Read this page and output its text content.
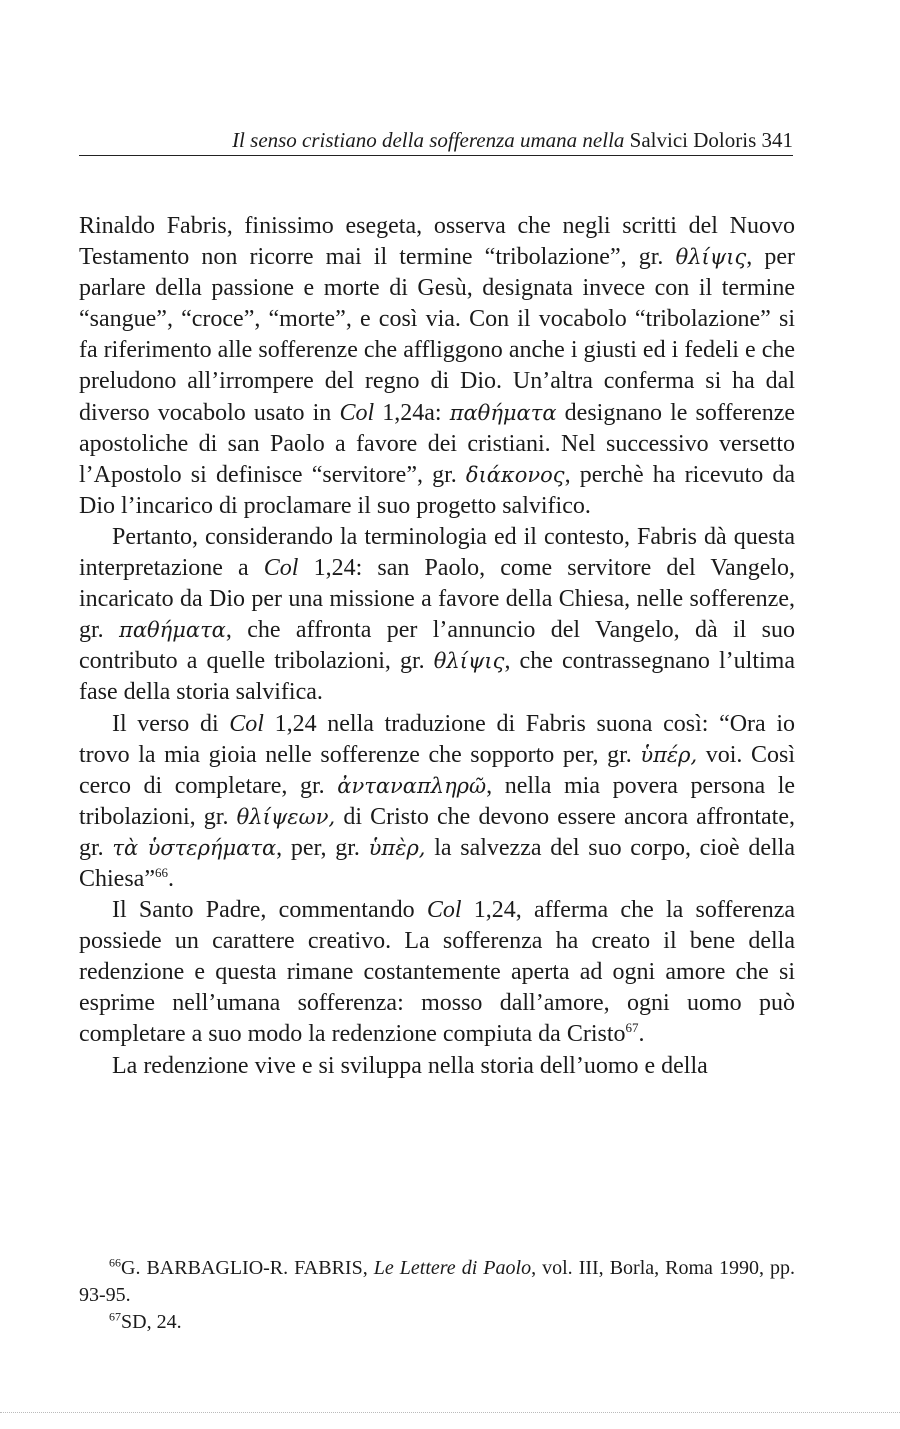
Il senso cristiano della sofferenza umana nella Salvici Doloris 341

Rinaldo Fabris, finissimo esegeta, osserva che negli scritti del Nuovo Testamento non ricorre mai il termine “tribolazione”, gr. θλίψις, per parlare della passione e morte di Gesù, designata invece con il termine “sangue”, “croce”, “morte”, e così via. Con il vocabolo “tribolazione” si fa riferimento alle sofferenze che affliggono anche i giusti ed i fedeli e che preludono all’irrompere del regno di Dio. Un’altra conferma si ha dal diverso vocabolo usato in Col 1,24a: παθήματα designano le sofferenze apostoliche di san Paolo a favore dei cristiani. Nel successivo versetto l’Apostolo si definisce “servitore”, gr. διάκονος, perchè ha ricevuto da Dio l’incarico di proclamare il suo progetto salvifico.

Pertanto, considerando la terminologia ed il contesto, Fabris dà questa interpretazione a Col 1,24: san Paolo, come servitore del Vangelo, incaricato da Dio per una missione a favore della Chiesa, nelle sofferenze, gr. παθήματα, che affronta per l’annuncio del Vangelo, dà il suo contributo a quelle tribolazioni, gr. θλίψις, che contrassegnano l’ultima fase della storia salvifica.

Il verso di Col 1,24 nella traduzione di Fabris suona così: “Ora io trovo la mia gioia nelle sofferenze che sopporto per, gr. ὑπέρ, voi. Così cerco di completare, gr. ἀνταναπληρῶ, nella mia povera persona le tribolazioni, gr. θλίψεων, di Cristo che devono essere ancora affrontate, gr. τὰ ὑστερήματα, per, gr. ὑπὲρ, la salvezza del suo corpo, cioè della Chiesa”$^{66}$.

Il Santo Padre, commentando Col 1,24, afferma che la sofferenza possiede un carattere creativo. La sofferenza ha creato il bene della redenzione e questa rimane costantemente aperta ad ogni amore che si esprime nell’umana sofferenza: mosso dall’amore, ogni uomo può completare a suo modo la redenzione compiuta da Cristo$^{67}$.

La redenzione vive e si sviluppa nella storia dell’uomo e della

$^{66}$G. BARBAGLIO-R. FABRIS, Le Lettere di Paolo, vol. III, Borla, Roma 1990, pp. 93-95.

$^{67}$SD, 24.
